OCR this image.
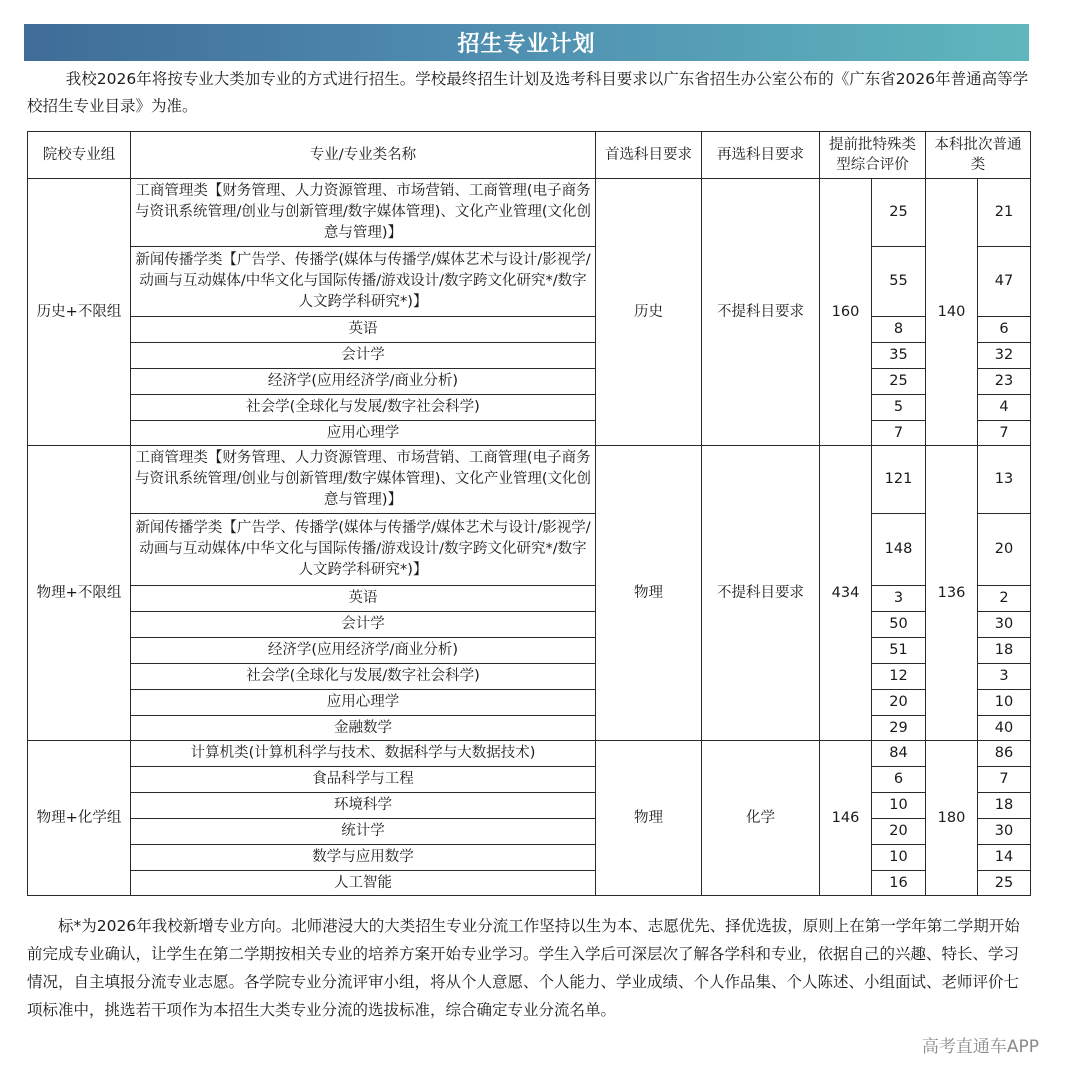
招生专业计划

我校2026年将按专业大类加专业的方式进行招生。学校最终招生计划及选考科目要求以广东省招生办公室公布的《广东省2026年普通高等学校招生专业目录》为准。

院校专业组	专业/专业类名称	首选科目要求	再选科目要求	提前批特殊类型综合评价		本科批次普通类	
历史+不限组	工商管理类【财务管理、人力资源管理、市场营销、工商管理(电子商务与资讯系统管理/创业与创新管理/数字媒体管理)、文化产业管理(文化创意与管理)】	历史	不提科目要求	160	25	140	21
	新闻传播学类【广告学、传播学(媒体与传播学/媒体艺术与设计/影视学/动画与互动媒体/中华文化与国际传播/游戏设计/数字跨文化研究*/数字人文跨学科研究*)】				55		47
	英语				8		6
	会计学				35		32
	经济学(应用经济学/商业分析)				25		23
	社会学(全球化与发展/数字社会科学)				5		4
	应用心理学				7		7
物理+不限组	工商管理类【财务管理、人力资源管理、市场营销、工商管理(电子商务与资讯系统管理/创业与创新管理/数字媒体管理)、文化产业管理(文化创意与管理)】	物理	不提科目要求	434	121	136	13
	新闻传播学类【广告学、传播学(媒体与传播学/媒体艺术与设计/影视学/动画与互动媒体/中华文化与国际传播/游戏设计/数字跨文化研究*/数字人文跨学科研究*)】				148		20
	英语				3		2
	会计学				50		30
	经济学(应用经济学/商业分析)				51		18
	社会学(全球化与发展/数字社会科学)				12		3
	应用心理学				20		10
	金融数学				29		40
物理+化学组	计算机类(计算机科学与技术、数据科学与大数据技术)	物理	化学	146	84	180	86
	食品科学与工程				6		7
	环境科学				10		18
	统计学				20		30
	数学与应用数学				10		14
	人工智能				16		25

标*为2026年我校新增专业方向。北师港浸大的大类招生专业分流工作坚持以生为本、志愿优先、择优选拔，原则上在第一学年第二学期开始前完成专业确认，让学生在第二学期按相关专业的培养方案开始专业学习。学生入学后可深层次了解各学科和专业，依据自己的兴趣、特长、学习情况，自主填报分流专业志愿。各学院专业分流评审小组，将从个人意愿、个人能力、学业成绩、个人作品集、个人陈述、小组面试、老师评价七项标准中，挑选若干项作为本招生大类专业分流的选拔标准，综合确定专业分流名单。

高考直通车APP
